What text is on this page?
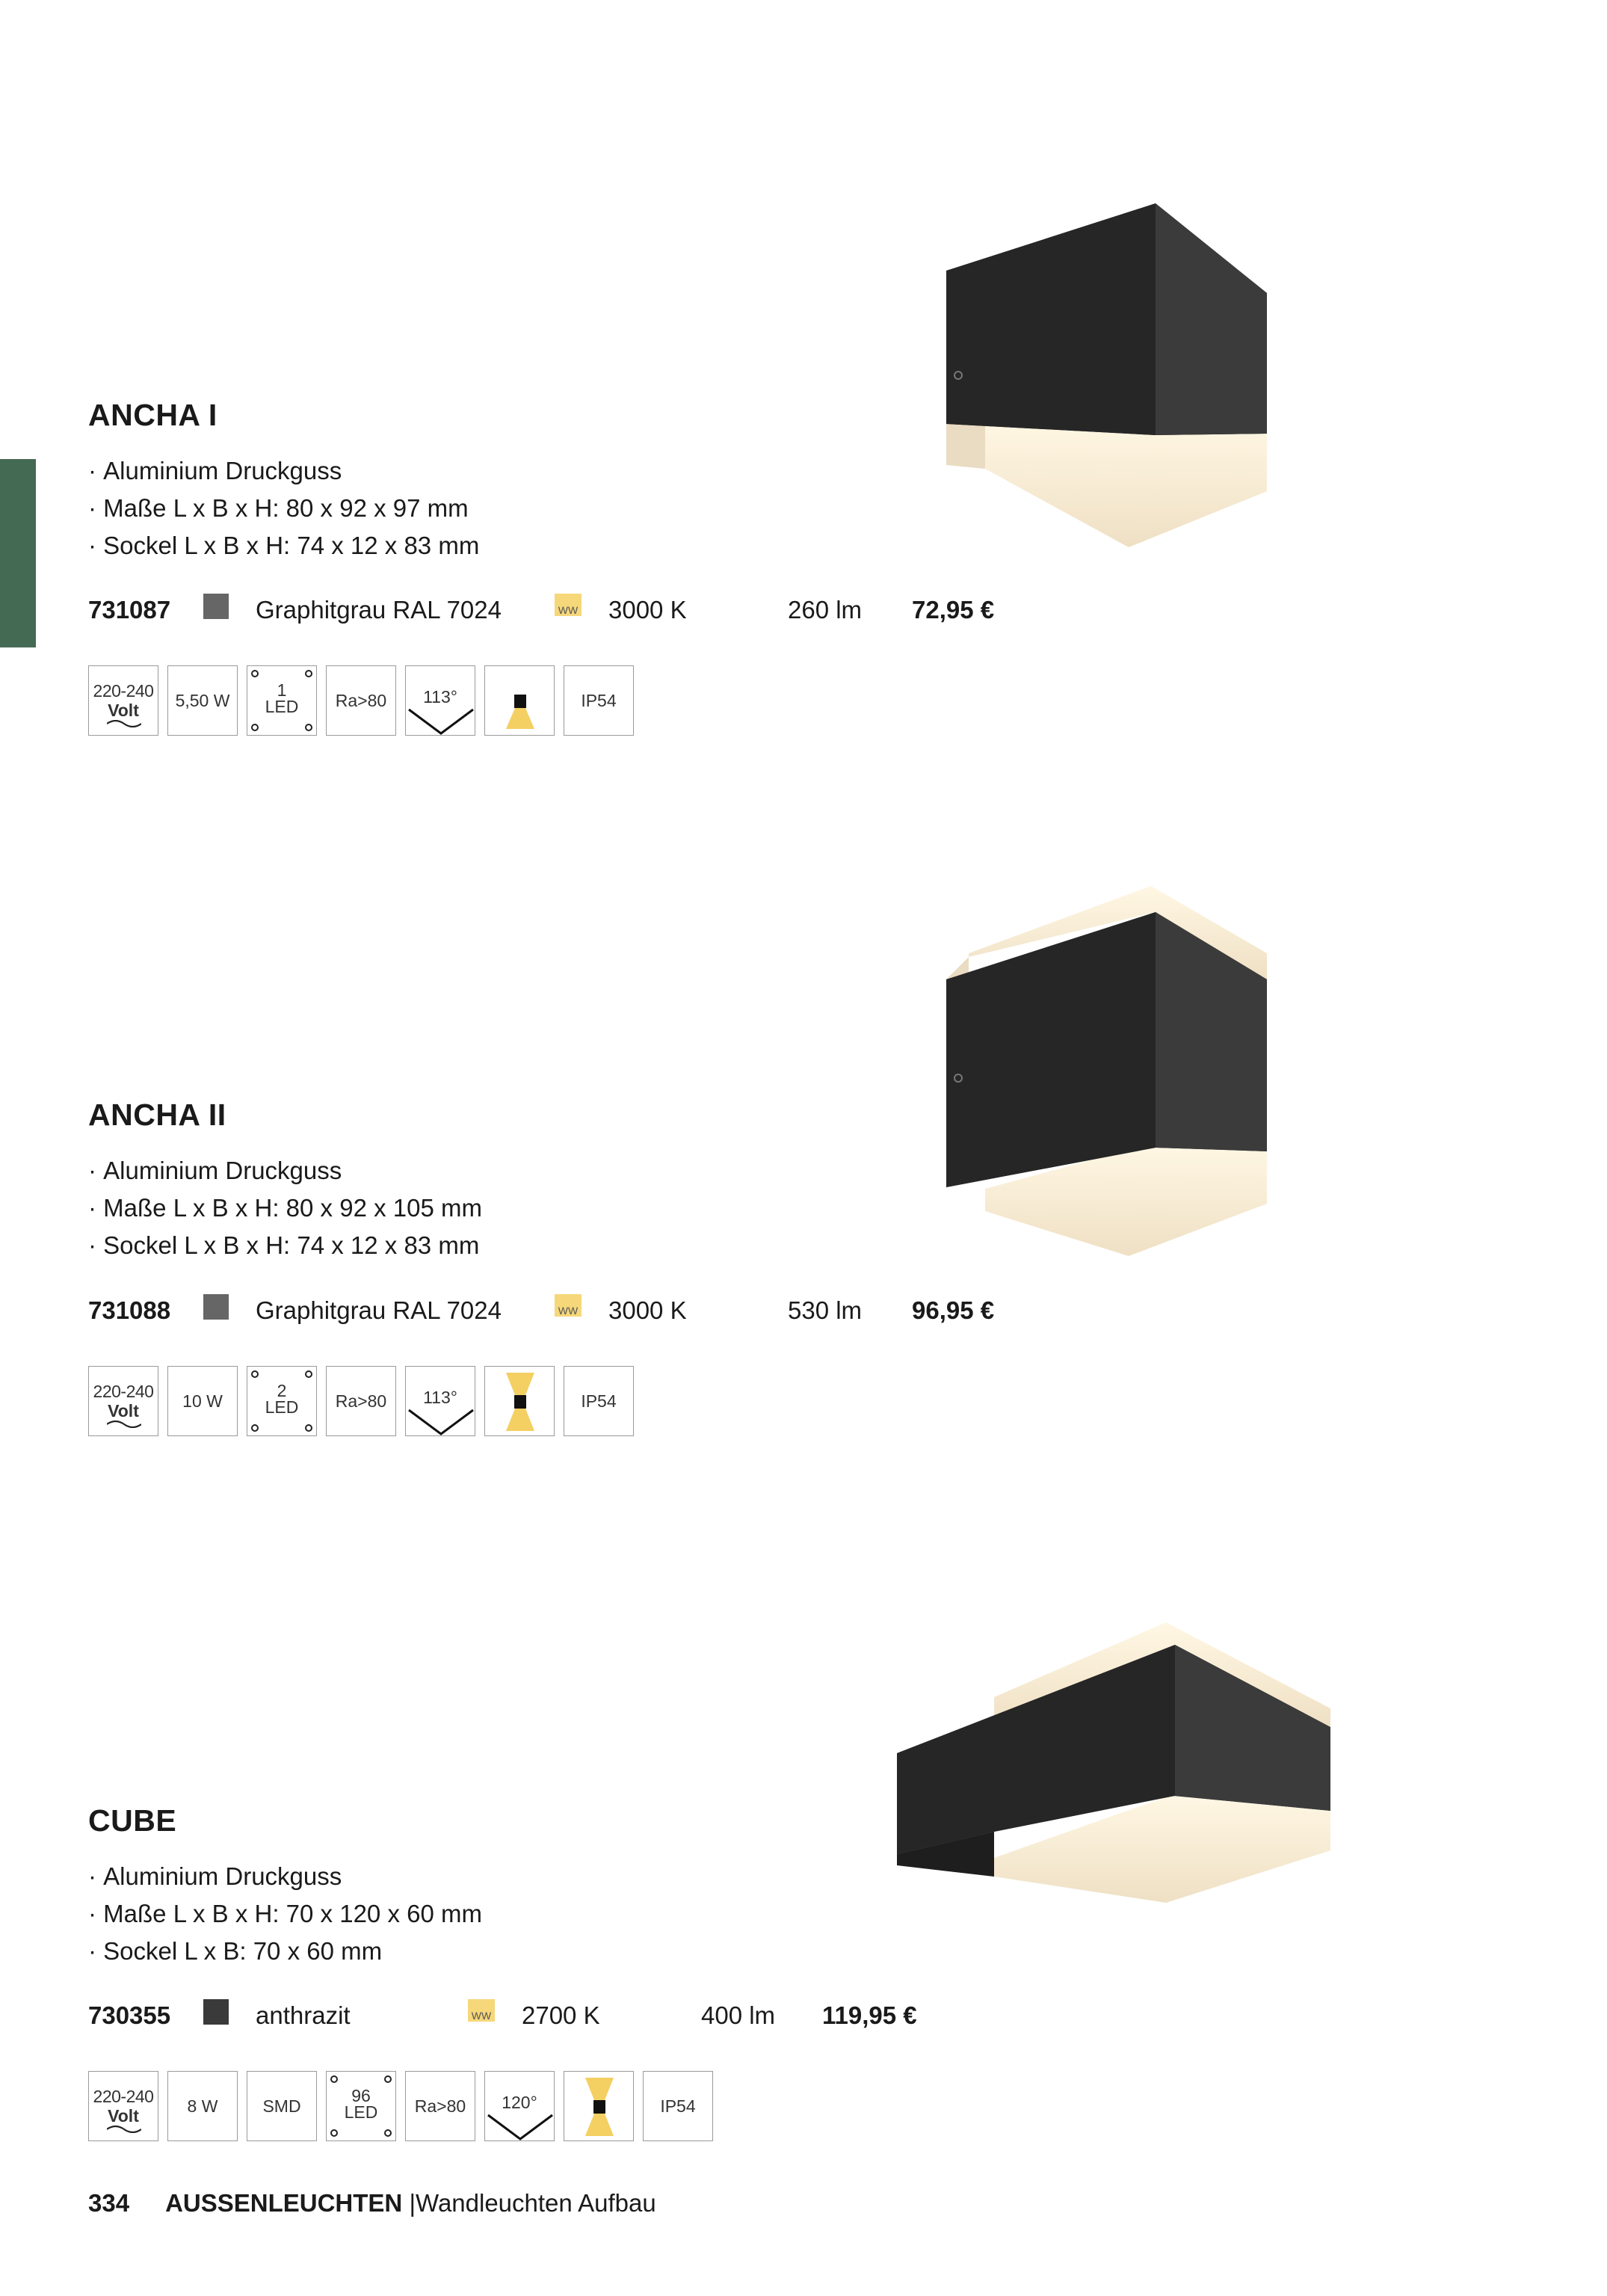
ANCHA I
· Aluminium Druckguss
· Maße L x B x H: 80 x 92 x 97 mm
· Sockel L x B x H: 74 x 12 x 83 mm
731087	Graphitgrau RAL 7024	WW 3000 K	260 lm 72,95 €
220-240
Volt	5,50 W
1
LED	Ra>80	113°	IP54
ANCHA II
· Aluminium Druckguss
· Maße L x B x H: 80 x 92 x 105 mm
· Sockel L x B x H: 74 x 12 x 83 mm
731088	Graphitgrau RAL 7024	WW 3000 K	530 lm 96,95 €
220-240
Volt	10 W
2
LED	Ra>80	113°	IP54
CUBE
· Aluminium Druckguss
· Maße L x B x H: 70 x 120 x 60 mm
· Sockel L x B: 70 x 60 mm
730355	anthrazit	WW 2700 K	400 lm 119,95 €
220-240
Volt	8 W	SMD
96
LED	Ra>80	120°	IP54
334 AUSSENLEUCHTEN |Wandleuchten Aufbau
